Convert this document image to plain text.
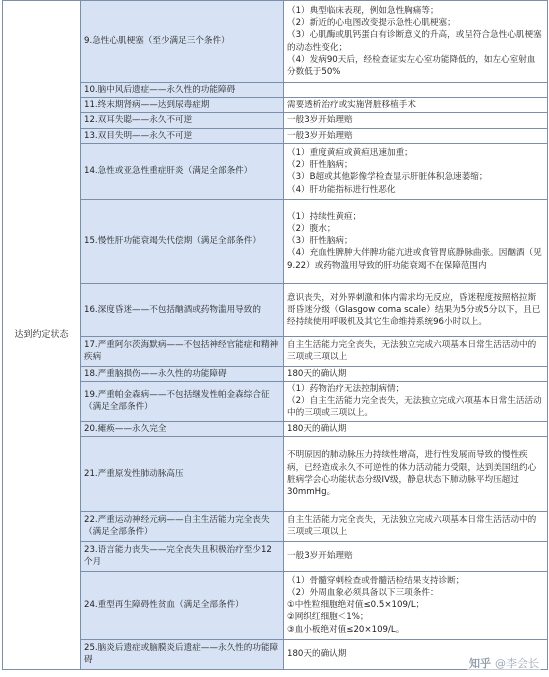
达到约定状态	9.急性心肌梗塞（至少满足三个条件）	（1）典型临床表现，例如急性胸痛等；
（2）新近的心电图改变提示急性心肌梗塞；
（3）心肌酶或肌钙蛋白有诊断意义的升高，或呈符合急性心肌梗塞的动态性变化；
（4）发病90天后，经检查证实左心室功能降低的，如左心室射血分数低于50%

	10.脑中风后遗症——永久性的功能障碍	

	11.终末期肾病——达到尿毒症期	需要透析治疗或实施肾脏移植手术

	12.双耳失聪——永久不可逆	一般3岁开始理赔

	13.双目失明——永久不可逆	一般3岁开始理赔

	14.急性或亚急性重症肝炎（满足全部条件）	（1）重度黄疸或黄疸迅速加重；
（2）肝性脑病；
（3）B超或其他影像学检查显示肝脏体积急速萎缩；
（4）肝功能指标进行性恶化

	15.慢性肝功能衰竭失代偿期（满足全部条件）	（1）持续性黄疸；
（2）腹水；
（3）肝性脑病；
（4）充血性脾肿大伴脾功能亢进或食管胃底静脉曲张。因酗酒（见9.22）或药物滥用导致的肝功能衰竭不在保障范围内

	16.深度昏迷——不包括酗酒或药物滥用导致的	意识丧失，对外界刺激和体内需求均无反应，昏迷程度按照格拉斯哥昏迷分级（Glasgow coma scale）结果为5分或5分以下，且已经持续使用呼吸机及其它生命维持系统96小时以上。

	17.严重阿尔茨海默病——不包括神经官能症和精神疾病	自主生活能力完全丧失，无法独立完成六项基本日常生活活动中的三项或三项以上

	18.严重脑损伤——永久性的功能障碍	180天的确认期

	19.严重帕金森病——不包括继发性帕金森综合征（满足全部条件）	（1）药物治疗无法控制病情；
（2）自主生活能力完全丧失，无法独立完成六项基本日常生活活动中的三项或三项以上。

	20.瘫痪——永久完全	180天的确认期

	21.严重原发性肺动脉高压	不明原因的肺动脉压力持续性增高，进行性发展而导致的慢性疾病，已经造成永久不可逆性的体力活动能力受限，达到美国纽约心脏病学会心功能状态分级IV级，静息状态下肺动脉平均压超过30mmHg。

	22.严重运动神经元病——自主生活能力完全丧失（满足全部条件）	自主生活能力完全丧失，无法独立完成六项基本日常生活活动中的三项或三项以上

	23.语言能力丧失——完全丧失且积极治疗至少12个月	一般3岁开始理赔

	24.重型再生障碍性贫血（满足全部条件）	（1）骨髓穿刺检查或骨髓活检结果支持诊断；
（2）外周血象必须具备以下三项条件：
①中性粒细胞绝对值≤0.5×109/L；
②网织红细胞＜1%；
③血小板绝对值≤20×109/L。

	25.脑炎后遗症或脑膜炎后遗症——永久性的功能障碍	180天的确认期
知乎 @李会长
